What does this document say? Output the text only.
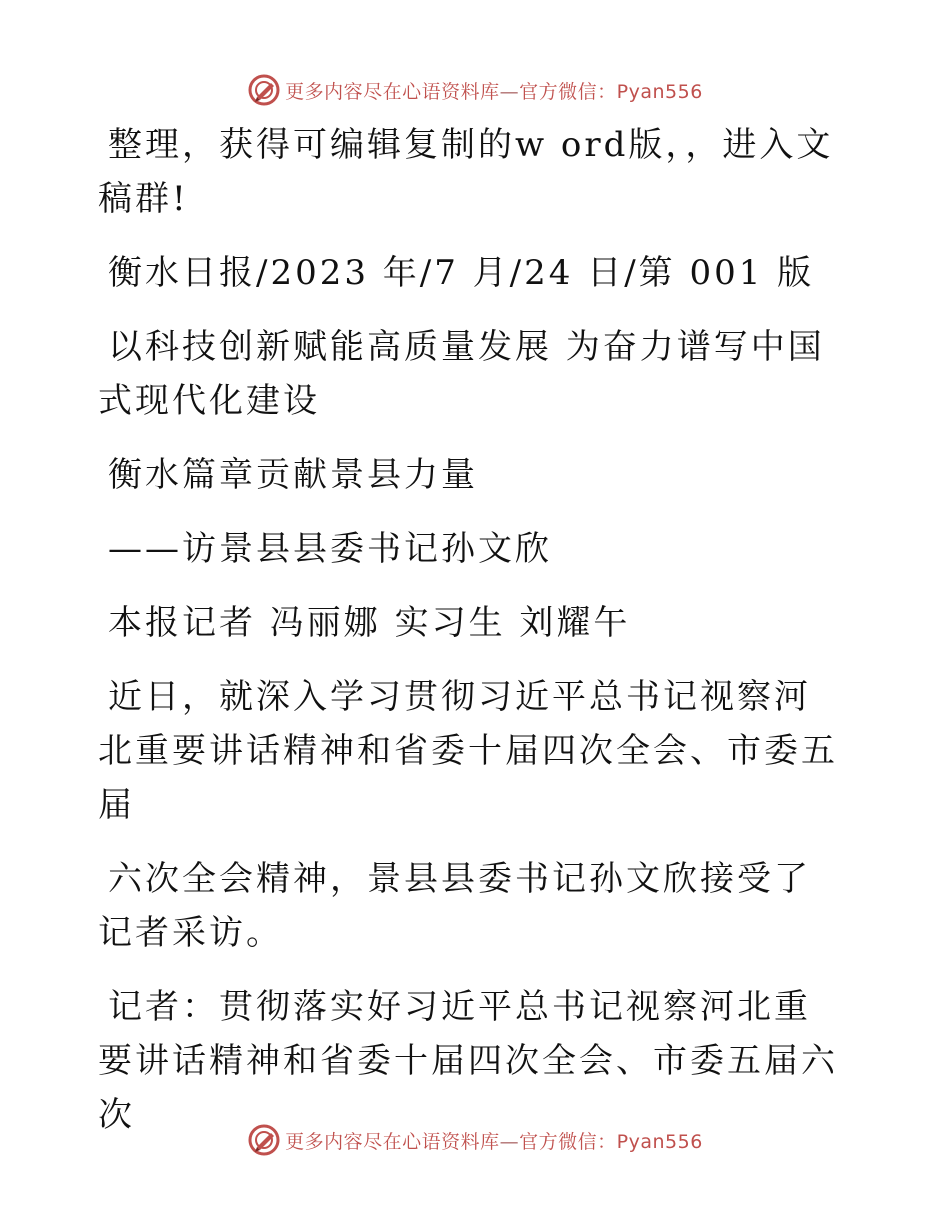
更多内容尽在心语资料库—官方微信：Pyan556

整理，获得可编辑复制的w ord版，，进入文稿群!

衡水日报/2023 年/7 月/24 日/第 001 版

以科技创新赋能高质量发展 为奋力谱写中国式现代化建设

衡水篇章贡献景县力量

——访景县县委书记孙文欣

本报记者 冯丽娜 实习生 刘耀午

近日，就深入学习贯彻习近平总书记视察河北重要讲话精神和省委十届四次全会、市委五届

六次全会精神，景县县委书记孙文欣接受了记者采访。

记者：贯彻落实好习近平总书记视察河北重要讲话精神和省委十届四次全会、市委五届六次

更多内容尽在心语资料库—官方微信：Pyan556
